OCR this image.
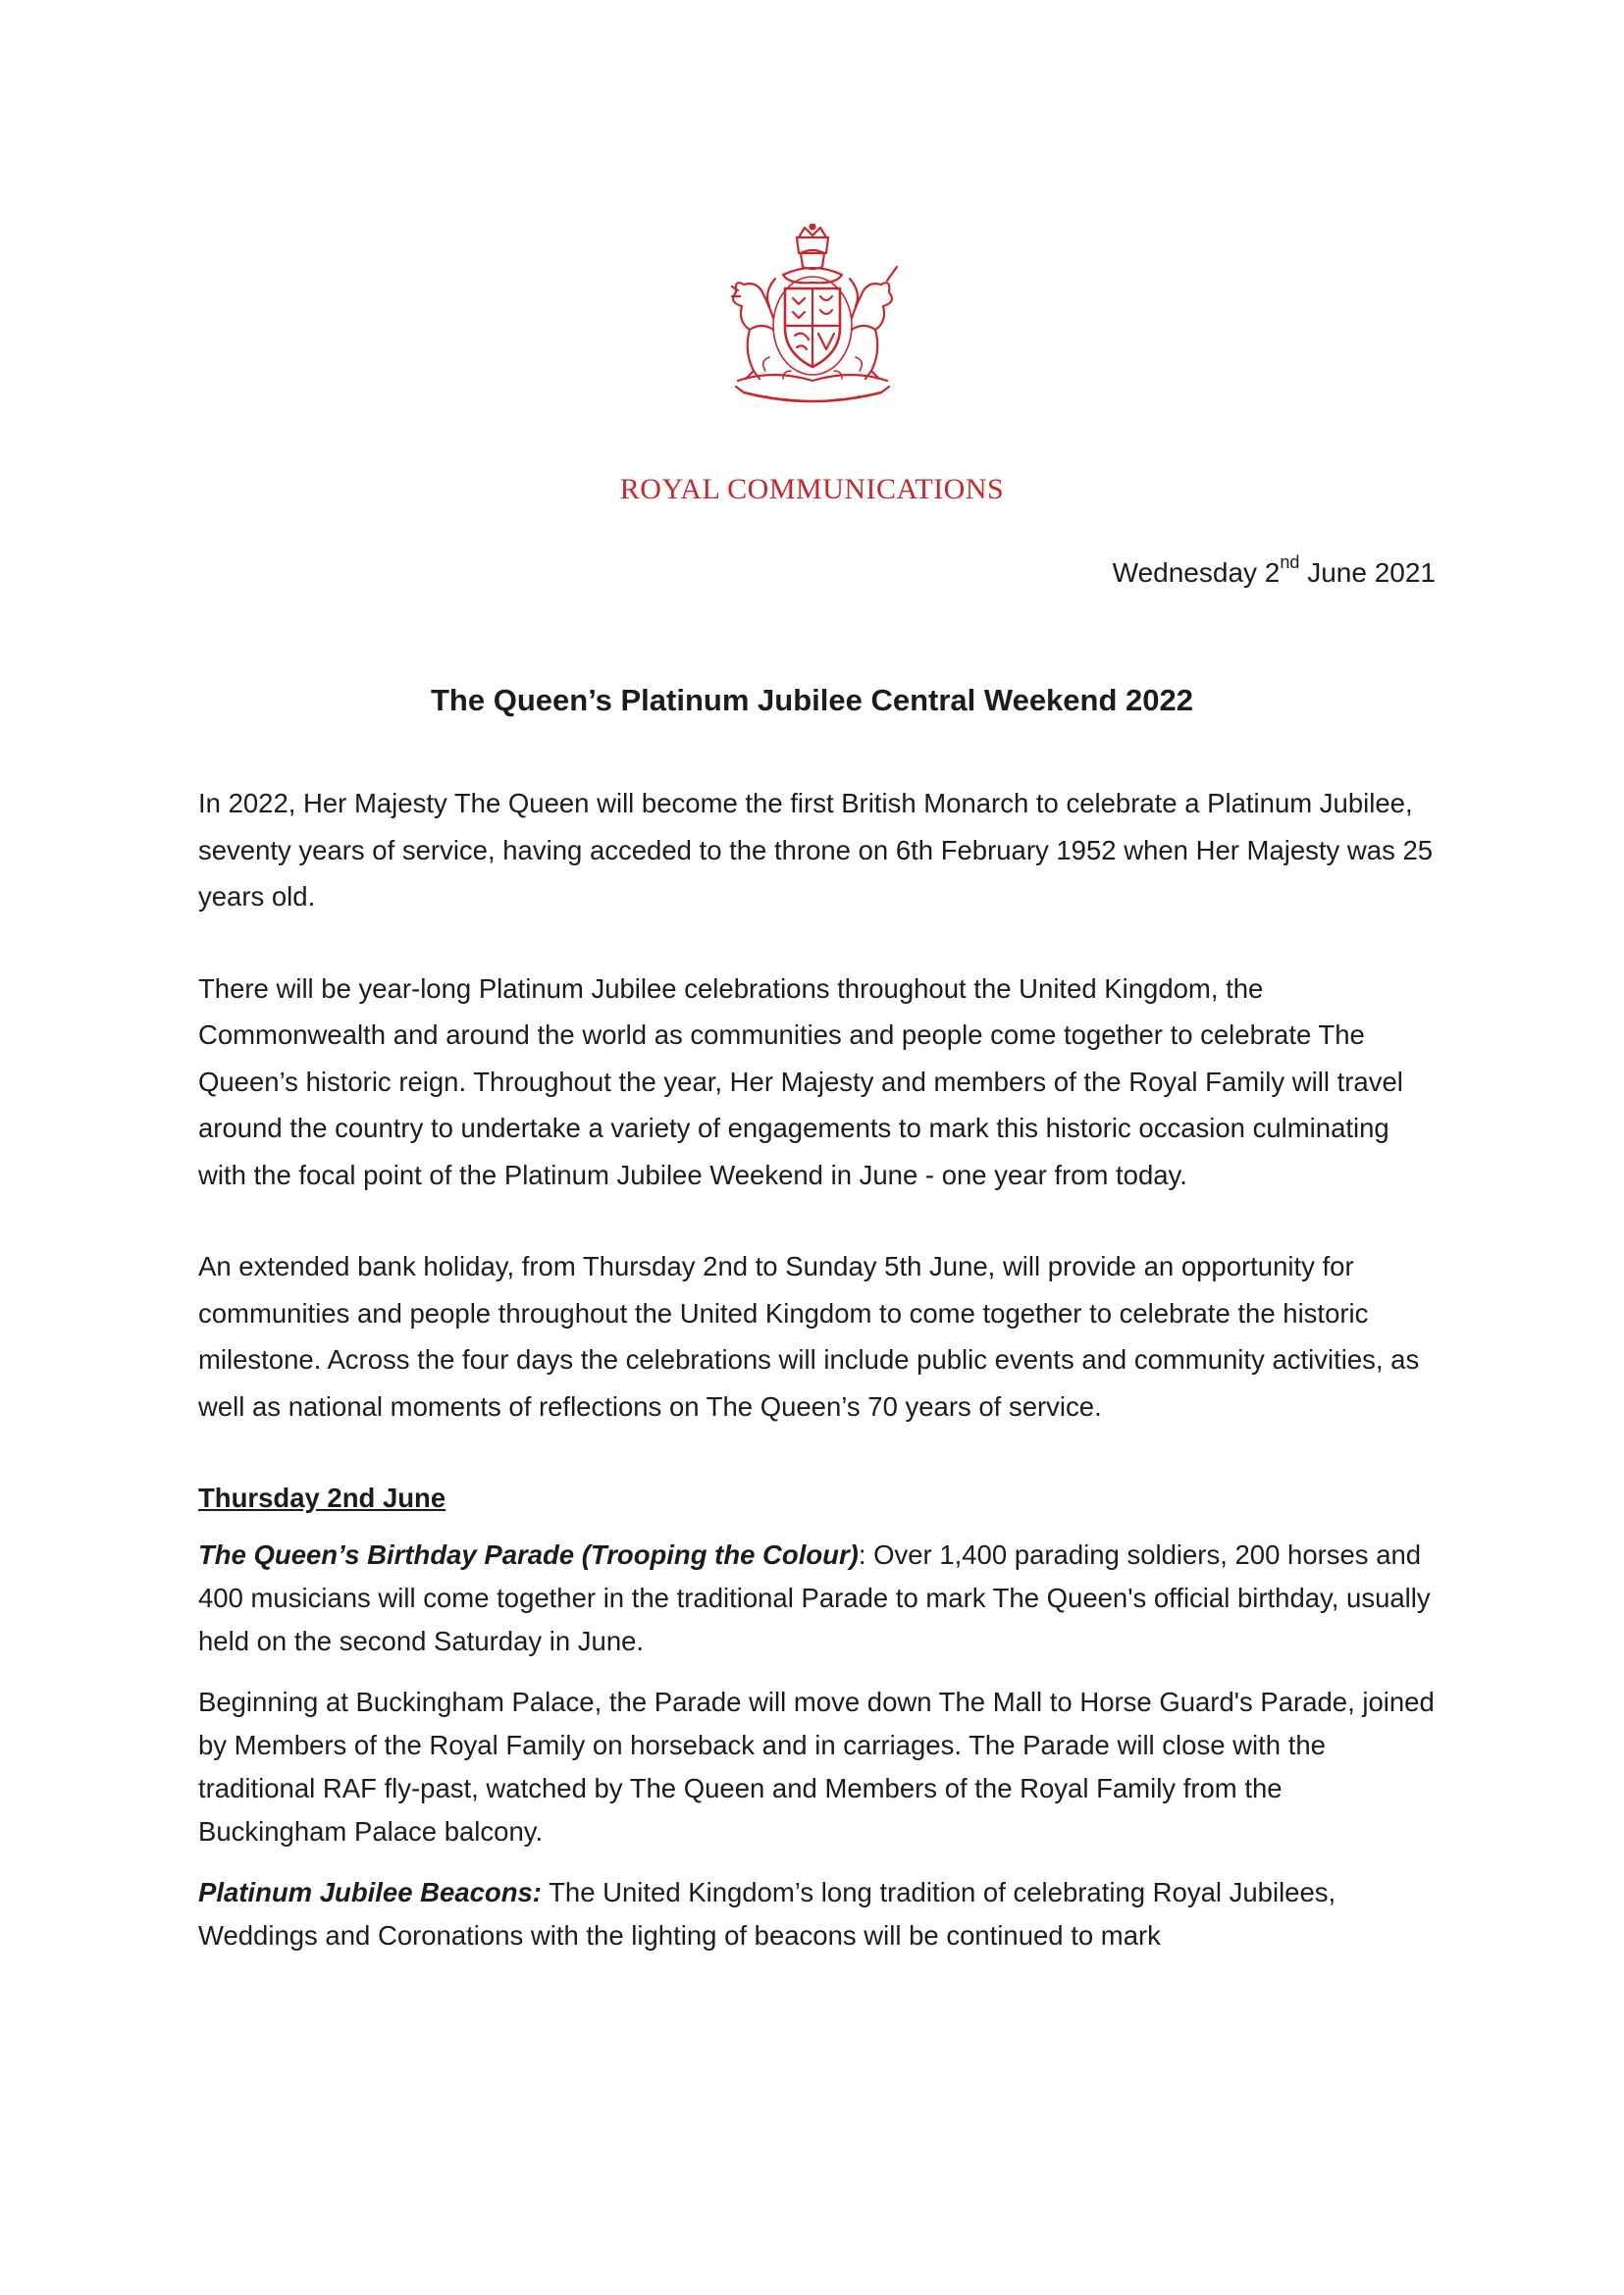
ROYAL COMMUNICATIONS
Wednesday 2nd June 2021
The Queen’s Platinum Jubilee Central Weekend 2022

In 2022, Her Majesty The Queen will become the first British Monarch to celebrate a Platinum Jubilee, seventy years of service, having acceded to the throne on 6th February 1952 when Her Majesty was 25 years old.

There will be year-long Platinum Jubilee celebrations throughout the United Kingdom, the Commonwealth and around the world as communities and people come together to celebrate The Queen’s historic reign. Throughout the year, Her Majesty and members of the Royal Family will travel around the country to undertake a variety of engagements to mark this historic occasion culminating with the focal point of the Platinum Jubilee Weekend in June - one year from today.

An extended bank holiday, from Thursday 2nd to Sunday 5th June, will provide an opportunity for communities and people throughout the United Kingdom to come together to celebrate the historic milestone. Across the four days the celebrations will include public events and community activities, as well as national moments of reflections on The Queen’s 70 years of service.

Thursday 2nd June

The Queen’s Birthday Parade (Trooping the Colour): Over 1,400 parading soldiers, 200 horses and 400 musicians will come together in the traditional Parade to mark The Queen's official birthday, usually held on the second Saturday in June.

Beginning at Buckingham Palace, the Parade will move down The Mall to Horse Guard's Parade, joined by Members of the Royal Family on horseback and in carriages. The Parade will close with the traditional RAF fly-past, watched by The Queen and Members of the Royal Family from the Buckingham Palace balcony.

Platinum Jubilee Beacons: The United Kingdom’s long tradition of celebrating Royal Jubilees, Weddings and Coronations with the lighting of beacons will be continued to mark
